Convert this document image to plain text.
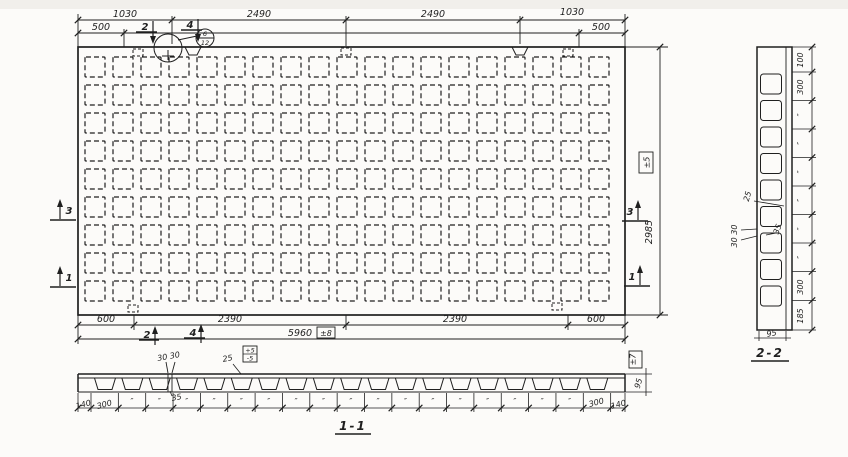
6
12
1030	2490	2490	1030
500	500
2	4
600	2390	2390	600
5960 ±8
2	4
2985
±5
3
1
3
1
30 30	25
+5
-5
35
140 300 ″	″	″	″	″	″	″	″	″	″	″	″	″	″	″	″	″ 300 140
±7
95
1-1
100
300
″
″
″
″
″
″
300
185
25
30 30	35
95
2-2
